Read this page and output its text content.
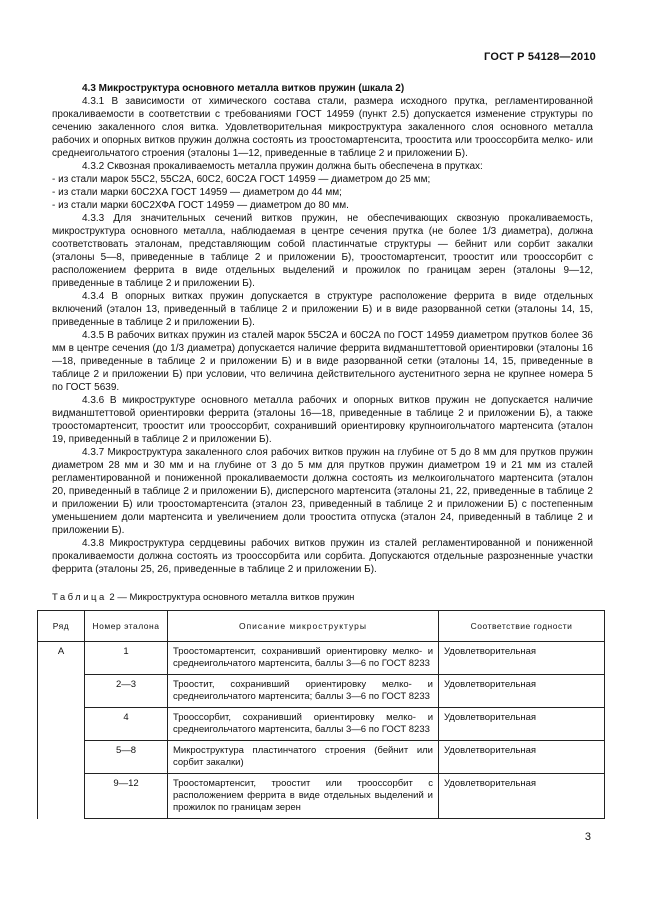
ГОСТ Р 54128—2010

4.3 Микроструктура основного металла витков пружин (шкала 2)

4.3.1 В зависимости от химического состава стали, размера исходного прутка, регламентированной прокаливаемости в соответствии с требованиями ГОСТ 14959 (пункт 2.5) допускается изменение структуры по сечению закаленного слоя витка. Удовлетворительная микроструктура закаленного слоя основного металла рабочих и опорных витков пружин должна состоять из троостомартенсита, троостита или трооссорбита мелко- или среднеигольчатого строения (эталоны 1—12, приведенные в таблице 2 и приложении Б).

4.3.2 Сквозная прокаливаемость металла пружин должна быть обеспечена в прутках:

- из стали марок 55С2, 55С2А, 60С2, 60С2А ГОСТ 14959 — диаметром до 25 мм;

- из стали марки 60С2ХА ГОСТ 14959 — диаметром до 44 мм;

- из стали марки 60С2ХФА ГОСТ 14959 — диаметром до 80 мм.

4.3.3 Для значительных сечений витков пружин, не обеспечивающих сквозную прокаливаемость, микроструктура основного металла, наблюдаемая в центре сечения прутка (не более 1/3 диаметра), должна соответствовать эталонам, представляющим собой пластинчатые структуры — бейнит или сорбит закалки (эталоны 5—8, приведенные в таблице 2 и приложении Б), троостомартенсит, троостит или трооссорбит с расположением феррита в виде отдельных выделений и прожилок по границам зерен (эталоны 9—12, приведенные в таблице 2 и приложении Б).

4.3.4 В опорных витках пружин допускается в структуре расположение феррита в виде отдельных включений (эталон 13, приведенный в таблице 2 и приложении Б) и в виде разорванной сетки (эталоны 14, 15, приведенные в таблице 2 и приложении Б).

4.3.5 В рабочих витках пружин из сталей марок 55С2А и 60С2А по ГОСТ 14959 диаметром прутков более 36 мм в центре сечения (до 1/3 диаметра) допускается наличие феррита видманштеттовой ориентировки (эталоны 16—18, приведенные в таблице 2 и приложении Б) и в виде разорванной сетки (эталоны 14, 15, приведенные в таблице 2 и приложении Б) при условии, что величина действительного аустенитного зерна не крупнее номера 5 по ГОСТ 5639.

4.3.6 В микроструктуре основного металла рабочих и опорных витков пружин не допускается наличие видманштеттовой ориентировки феррита (эталоны 16—18, приведенные в таблице 2 и приложении Б), а также троостомартенсит, троостит или трооссорбит, сохранивший ориентировку крупноигольчатого мартенсита (эталон 19, приведенный в таблице 2 и приложении Б).

4.3.7 Микроструктура закаленного слоя рабочих витков пружин на глубине от 5 до 8 мм для прутков пружин диаметром 28 мм и 30 мм и на глубине от 3 до 5 мм для прутков пружин диаметром 19 и 21 мм из сталей регламентированной и пониженной прокаливаемости должна состоять из мелкоигольчатого мартенсита (эталон 20, приведенный в таблице 2 и приложении Б), дисперсного мартенсита (эталоны 21, 22, приведенные в таблице 2 и приложении Б) или троостомартенсита (эталон 23, приведенный в таблице 2 и приложении Б) с постепенным уменьшением доли мартенсита и увеличением доли троостита отпуска (эталон 24, приведенный в таблице 2 и приложении Б).

4.3.8 Микроструктура сердцевины рабочих витков пружин из сталей регламентированной и пониженной прокаливаемости должна состоять из трооссорбита или сорбита. Допускаются отдельные разрозненные участки феррита (эталоны 25, 26, приведенные в таблице 2 и приложении Б).

Таблица 2 — Микроструктура основного металла витков пружин
Ряд	Номер эталона	Описание микроструктуры	Соответствие годности
А	1	Троостомартенсит, сохранивший ориентировку мелко- и среднеигольчатого мартенсита, баллы 3—6 по ГОСТ 8233	Удовлетворительная
	2—3	Троостит, сохранивший ориентировку мелко- и среднеигольчатого мартенсита; баллы 3—6 по ГОСТ 8233	Удовлетворительная
	4	Трооссорбит, сохранивший ориентировку мелко- и среднеигольчатого мартенсита, баллы 3—6 по ГОСТ 8233	Удовлетворительная
	5—8	Микроструктура пластинчатого строения (бейнит или сорбит закалки)	Удовлетворительная
	9—12	Троостомартенсит, троостит или трооссорбит с расположением феррита в виде отдельных выделений и прожилок по границам зерен	Удовлетворительная
3
